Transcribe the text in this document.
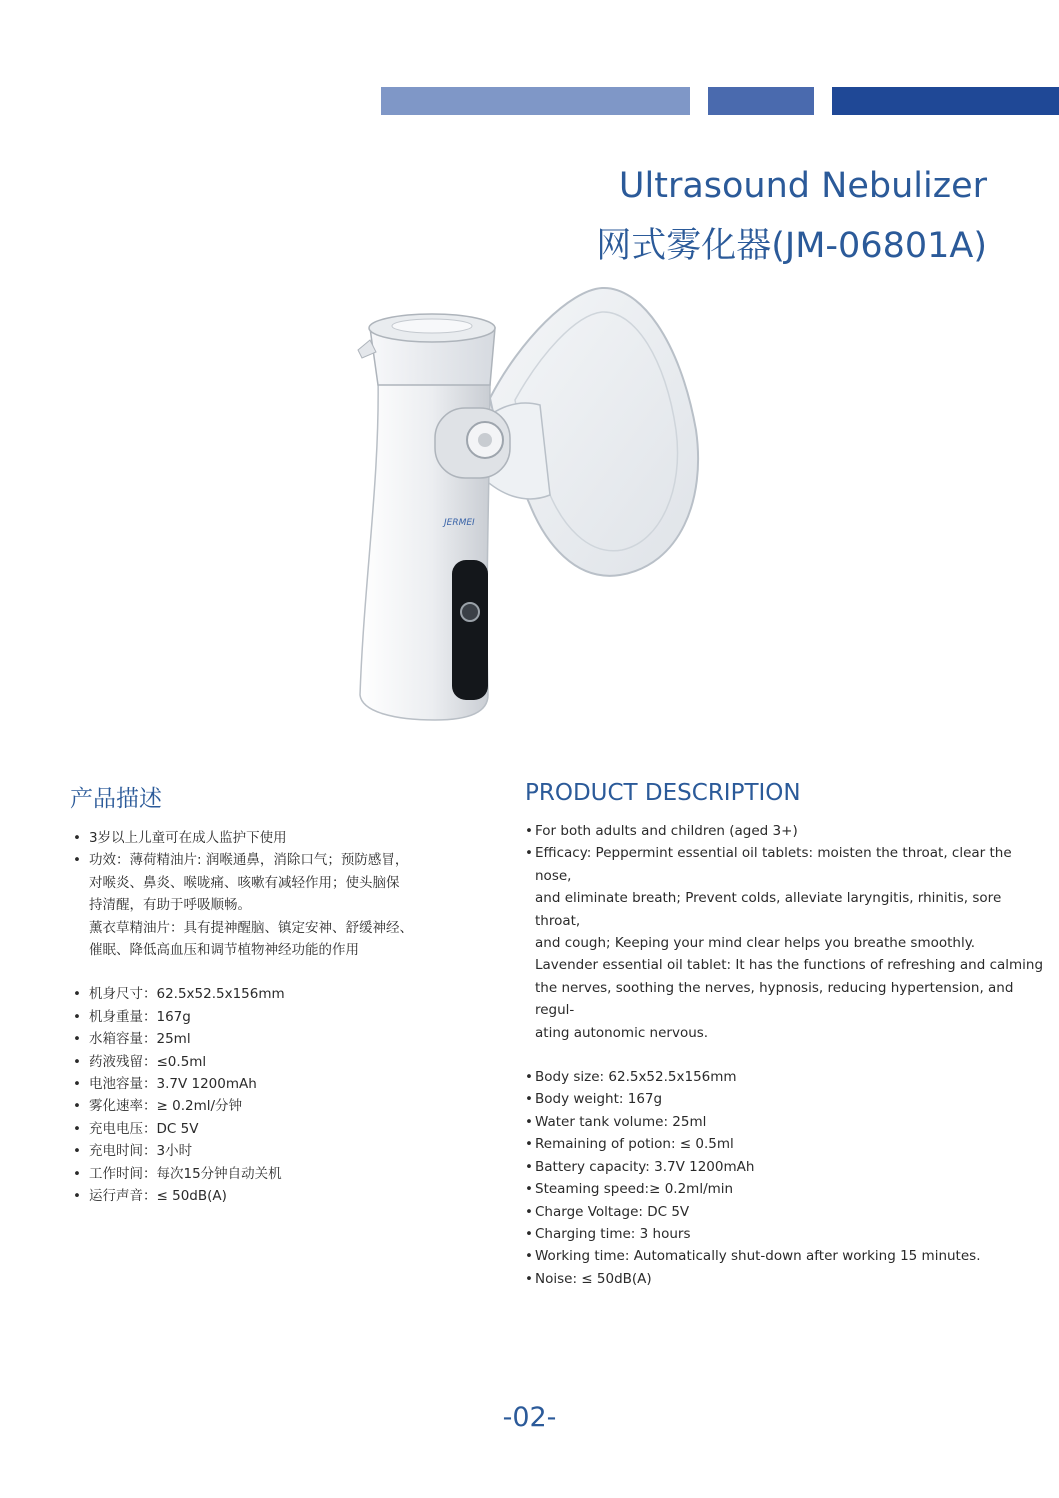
Ultrasound Nebulizer
网式雾化器(JM-06801A)
JERMEI
产品描述
• 3岁以上儿童可在成人监护下使用
• 功效：薄荷精油片: 润喉通鼻，消除口气；预防感冒，
对喉炎、鼻炎、喉咙痛、咳嗽有减轻作用；使头脑保
持清醒，有助于呼吸顺畅。
薰衣草精油片：具有提神醒脑、镇定安神、舒缓神经、
催眠、降低高血压和调节植物神经功能的作用
• 机身尺寸：62.5x52.5x156mm
• 机身重量：167g
• 水箱容量：25ml
• 药液残留：≤0.5ml
• 电池容量：3.7V 1200mAh
• 雾化速率：≥ 0.2ml/分钟
• 充电电压：DC 5V
• 充电时间：3小时
• 工作时间：每次15分钟自动关机
• 运行声音：≤ 50dB(A)
PRODUCT DESCRIPTION
• For both adults and children (aged 3+)
• Efficacy: Peppermint essential oil tablets: moisten the throat, clear the nose,
and eliminate breath; Prevent colds, alleviate laryngitis, rhinitis, sore throat,
and cough; Keeping your mind clear helps you breathe smoothly.
Lavender essential oil tablet: It has the functions of refreshing and calming
the nerves, soothing the nerves, hypnosis, reducing hypertension, and regul-
ating autonomic nervous.
• Body size: 62.5x52.5x156mm
• Body weight: 167g
• Water tank volume: 25ml
• Remaining of potion: ≤ 0.5ml
• Battery capacity: 3.7V 1200mAh
• Steaming speed:≥ 0.2ml/min
• Charge Voltage: DC 5V
• Charging time: 3 hours
• Working time: Automatically shut-down after working 15 minutes.
• Noise: ≤ 50dB(A)
-02-
